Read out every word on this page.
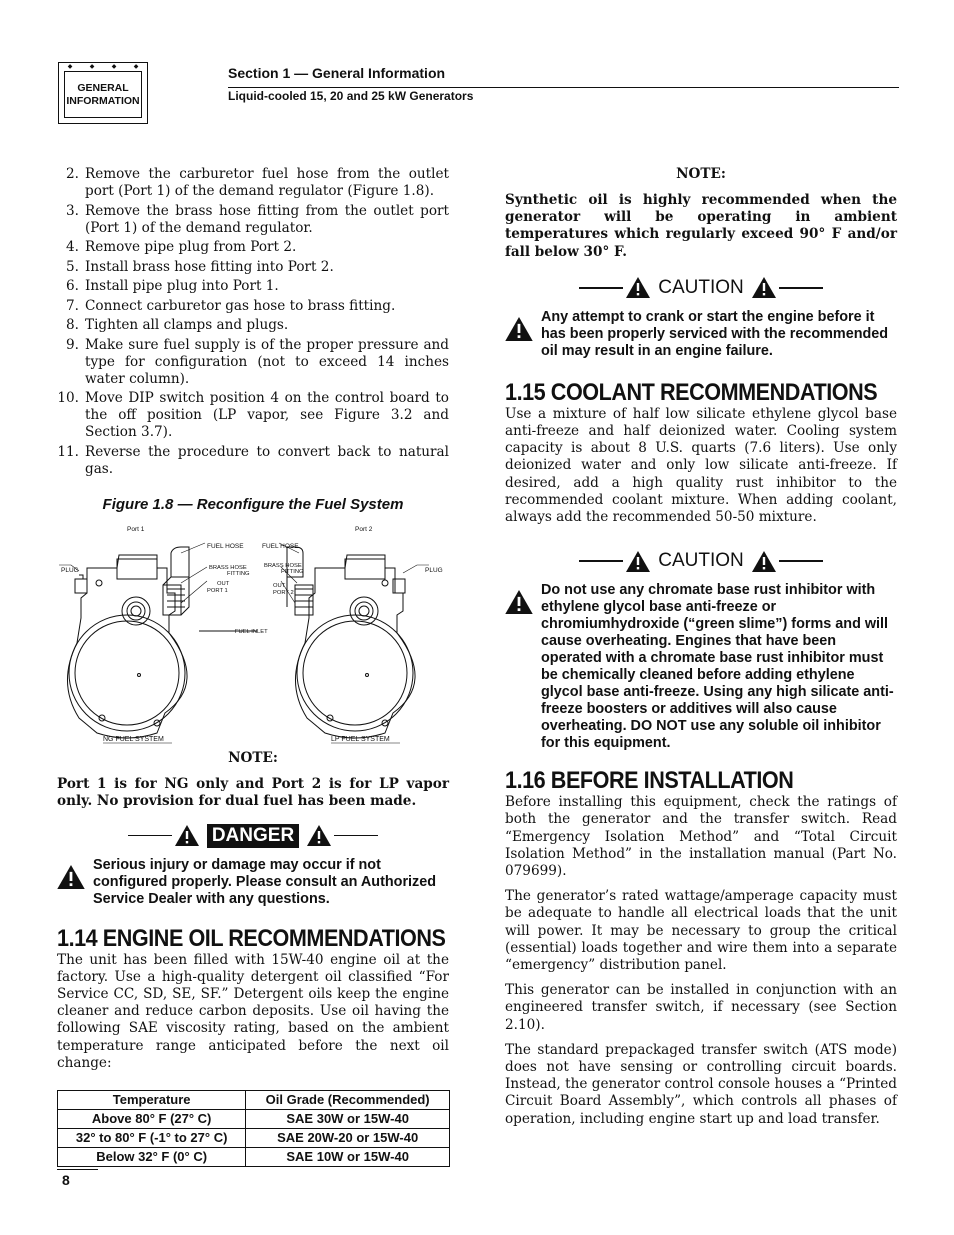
◆	◆	◆	◆
GENERAL
INFORMATION
Section 1 — General Information
Liquid-cooled 15, 20 and 25 kW Generators
2. Remove the carburetor fuel hose from the outlet port (Port 1) of the demand regulator (Figure 1.8).
3. Remove the brass hose fitting from the outlet port (Port 1) of the demand regulator.
4. Remove pipe plug from Port 2.
5. Install brass hose fitting into Port 2.
6. Install pipe plug into Port 1.
7. Connect carburetor gas hose to brass fitting.
8. Tighten all clamps and plugs.
9. Make sure fuel supply is of the proper pressure and type for configuration (not to exceed 14 inches water column).
10. Move DIP switch position 4 on the control board to the off position (LP vapor, see Figure 3.2 and Section 3.7).
11. Reverse the procedure to convert back to natural gas.
Figure 1.8 — Reconfigure the Fuel System
Port 1	Port 2
PLUG	PLUG
FUEL HOSE	FUEL HOSE
BRASS HOSE
FITTING
BRASS HOSE
FITTING
OUT
PORT 1
OUT
PORT 2
FUEL INLET
NG FUEL SYSTEM	LP FUEL SYSTEM
NOTE:

Port 1 is for NG only and Port 2 is for LP vapor only. No provision for dual fuel has been made.

DANGER
Serious injury or damage may occur if not configured properly. Please consult an Authorized Service Dealer with any questions.
1.14 ENGINE OIL RECOMMENDATIONS

The unit has been filled with 15W-40 engine oil at the factory. Use a high-quality detergent oil classified “For Service CC, SD, SE, SF.” Detergent oils keep the engine cleaner and reduce carbon deposits. Use oil having the following SAE viscosity rating, based on the ambient temperature range anticipated before the next oil change:

Temperature	Oil Grade (Recommended)
Above 80° F (27° C)	SAE 30W or 15W-40
32° to 80° F (-1° to 27° C)	SAE 20W-20 or 15W-40
Below 32° F (0° C)	SAE 10W or 15W-40
NOTE:

Synthetic oil is highly recommended when the generator will be operating in ambient temperatures which regularly exceed 90° F and/or fall below 30° F.

CAUTION
Any attempt to crank or start the engine before it has been properly serviced with the recommended oil may result in an engine failure.
1.15 COOLANT RECOMMENDATIONS

Use a mixture of half low silicate ethylene glycol base anti-freeze and half deionized water. Cooling system capacity is about 8 U.S. quarts (7.6 liters). Use only deionized water and only low silicate anti-freeze. If desired, add a high quality rust inhibitor to the recommended coolant mixture. When adding coolant, always add the recommended 50-50 mixture.

CAUTION
Do not use any chromate base rust inhibitor with ethylene glycol base anti-freeze or chromiumhydroxide (“green slime”) forms and will cause overheating. Engines that have been operated with a chromate base rust inhibitor must be chemically cleaned before adding ethylene glycol base anti-freeze. Using any high silicate anti-freeze boosters or additives will also cause overheating. DO NOT use any soluble oil inhibitor for this equipment.
1.16 BEFORE INSTALLATION

Before installing this equipment, check the ratings of both the generator and the transfer switch. Read “Emergency Isolation Method” and “Total Circuit Isolation Method” in the installation manual (Part No. 079699).

The generator’s rated wattage/amperage capacity must be adequate to handle all electrical loads that the unit will power. It may be necessary to group the critical (essential) loads together and wire them into a separate “emergency” distribution panel.

This generator can be installed in conjunction with an engineered transfer switch, if necessary (see Section 2.10).

The standard prepackaged transfer switch (ATS mode) does not have sensing or controlling circuit boards. Instead, the generator control console houses a “Printed Circuit Board Assembly”, which controls all phases of operation, including engine start up and load transfer.

8
